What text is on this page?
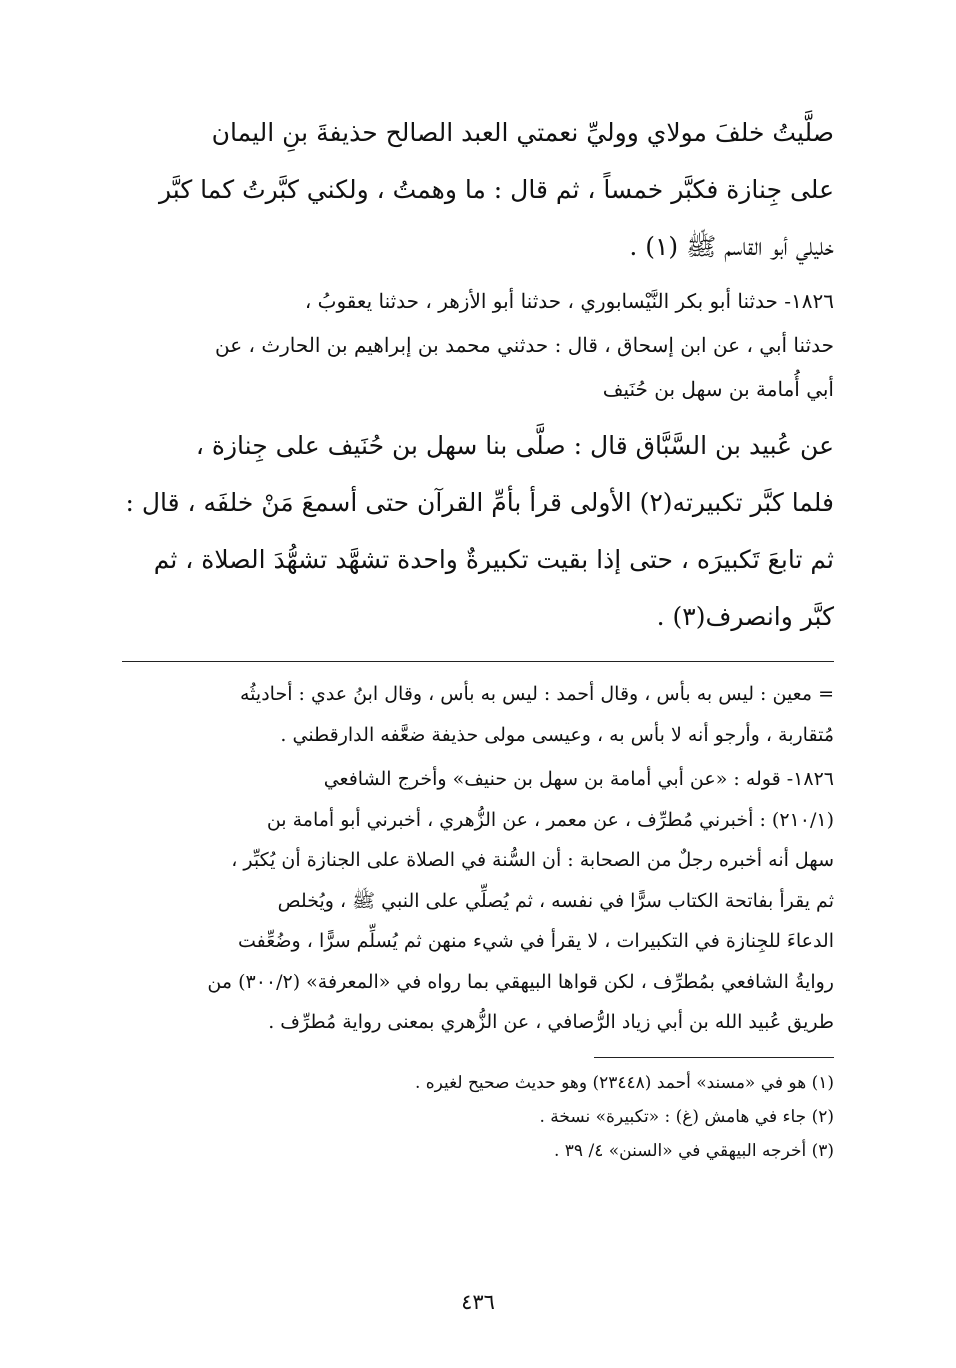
صلَّيتُ خلفَ مولاي ووليِّ نعمتي العبد الصالح حذيفةَ بنِ اليمان
على جِنازة فكبَّر خمساً ، ثم قال : ما وهمتُ ، ولكني كبَّرتُ كما كبَّر
خليلي أبو القاسم ﷺ (١) .
١٨٢٦- حدثنا أبو بكر النَّيْسابوري ، حدثنا أبو الأزهر ، حدثنا يعقوبُ ،
حدثنا أبي ، عن ابن إسحاق ، قال : حدثني محمد بن إبراهيم بن الحارث ، عن
أبي أُمامة بن سهل بن حُنَيف
عن عُبيد بن السَّبَّاق قال : صلَّى بنا سهل بن حُنَيف على جِنازة ،
فلما كبَّر تكبيرته(٢) الأولى قرأ بأمِّ القرآن حتى أسمعَ مَنْ خلفَه ، قال :
ثم تابعَ تَكبيرَه ، حتى إذا بقيت تكبيرةٌ واحدة تشهَّد تشهُّدَ الصلاة ، ثم
كبَّر وانصرف(٣) .
= معين : ليس به بأس ، وقال أحمد : ليس به بأس ، وقال ابنُ عدي : أحاديثُه
مُتقاربة ، وأرجو أنه لا بأس به ، وعيسى مولى حذيفة ضعَّفه الدارقطني .
١٨٢٦- قوله : «عن أبي أمامة بن سهل بن حنيف» وأخرج الشافعي
(٢١٠/١) : أخبرني مُطرِّف ، عن معمر ، عن الزُّهري ، أخبرني أبو أمامة بن
سهل أنه أخبره رجلٌ من الصحابة : أن السُّنة في الصلاة على الجنازة أن يُكبِّر ،
ثم يقرأ بفاتحة الكتاب سرًّا في نفسه ، ثم يُصلِّي على النبي ﷺ ، ويُخلص
الدعاءَ للجِنازة في التكبيرات ، لا يقرأ في شيء منهن ثم يُسلِّم سرًّا ، وضُعِّفت
روايةُ الشافعي بمُطرِّف ، لكن قواها البيهقي بما رواه في «المعرفة» (٣٠٠/٢) من
طريق عُبيد الله بن أبي زياد الرُّصافي ، عن الزُّهري بمعنى رواية مُطرِّف .
(١) هو في «مسند» أحمد (٢٣٤٤٨) وهو حديث صحيح لغيره .
(٢) جاء في هامش (غ) : «تكبيرة» نسخة .
(٣) أخرجه البيهقي في «السنن» ٤/ ٣٩ .
٤٣٦
